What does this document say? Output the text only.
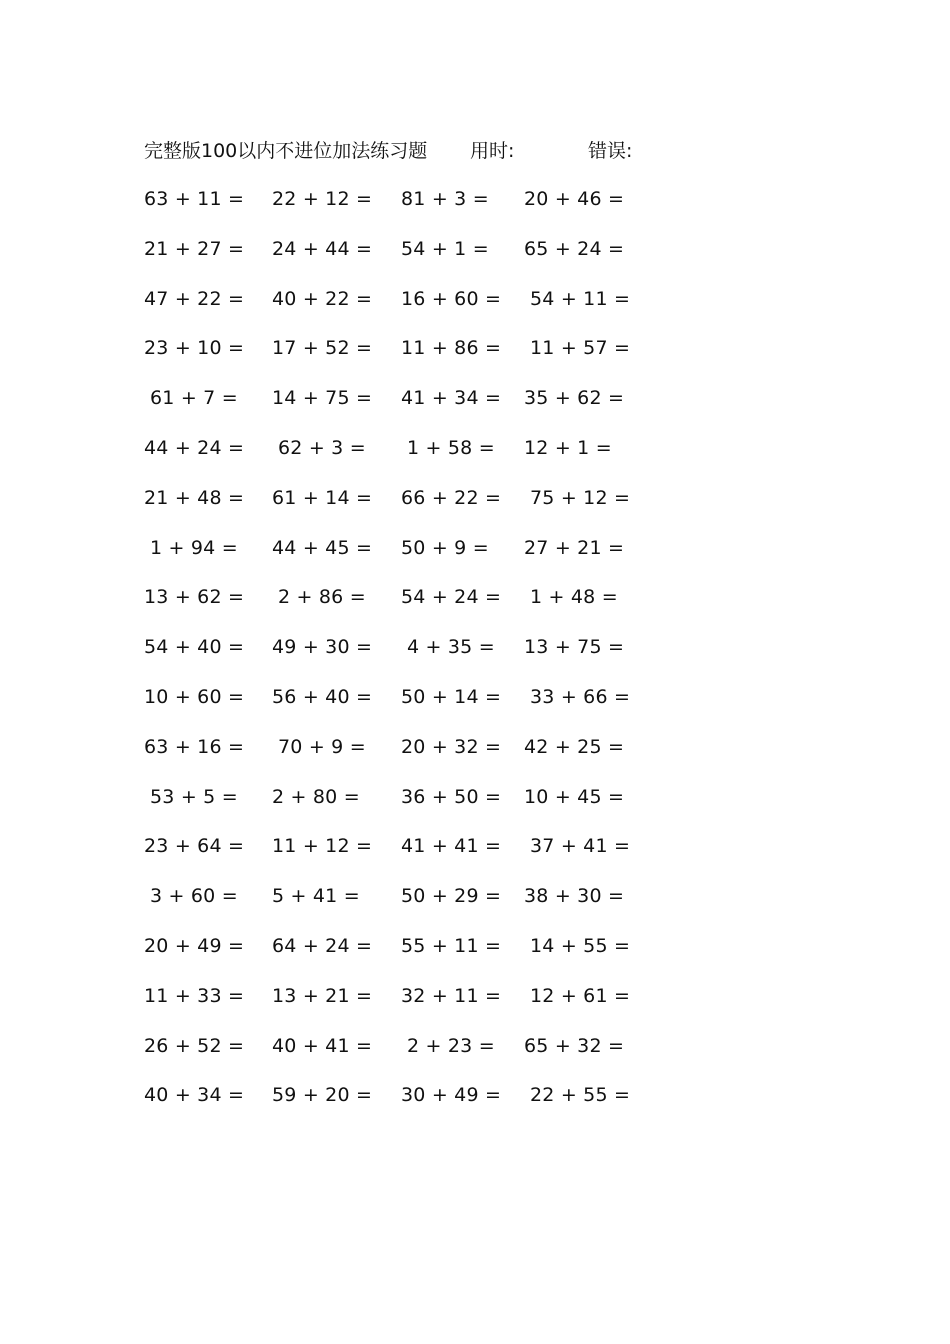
完整版100以内不进位加法练习题 用时:	错误:
63 + 11 = 22 + 12 = 81 + 3 = 20 + 46 =
21 + 27 = 24 + 44 = 54 + 1 = 65 + 24 =
47 + 22 = 40 + 22 = 16 + 60 = 54 + 11 =
23 + 10 = 17 + 52 = 11 + 86 = 11 + 57 =
61 + 7 = 14 + 75 = 41 + 34 = 35 + 62 =
44 + 24 = 62 + 3 = 1 + 58 = 12 + 1 =
21 + 48 = 61 + 14 = 66 + 22 = 75 + 12 =
1 + 94 = 44 + 45 = 50 + 9 = 27 + 21 =
13 + 62 = 2 + 86 = 54 + 24 = 1 + 48 =
54 + 40 = 49 + 30 = 4 + 35 = 13 + 75 =
10 + 60 = 56 + 40 = 50 + 14 = 33 + 66 =
63 + 16 = 70 + 9 = 20 + 32 = 42 + 25 =
53 + 5 = 2 + 80 = 36 + 50 = 10 + 45 =
23 + 64 = 11 + 12 = 41 + 41 = 37 + 41 =
3 + 60 = 5 + 41 = 50 + 29 = 38 + 30 =
20 + 49 = 64 + 24 = 55 + 11 = 14 + 55 =
11 + 33 = 13 + 21 = 32 + 11 = 12 + 61 =
26 + 52 = 40 + 41 = 2 + 23 = 65 + 32 =
40 + 34 = 59 + 20 = 30 + 49 = 22 + 55 =
